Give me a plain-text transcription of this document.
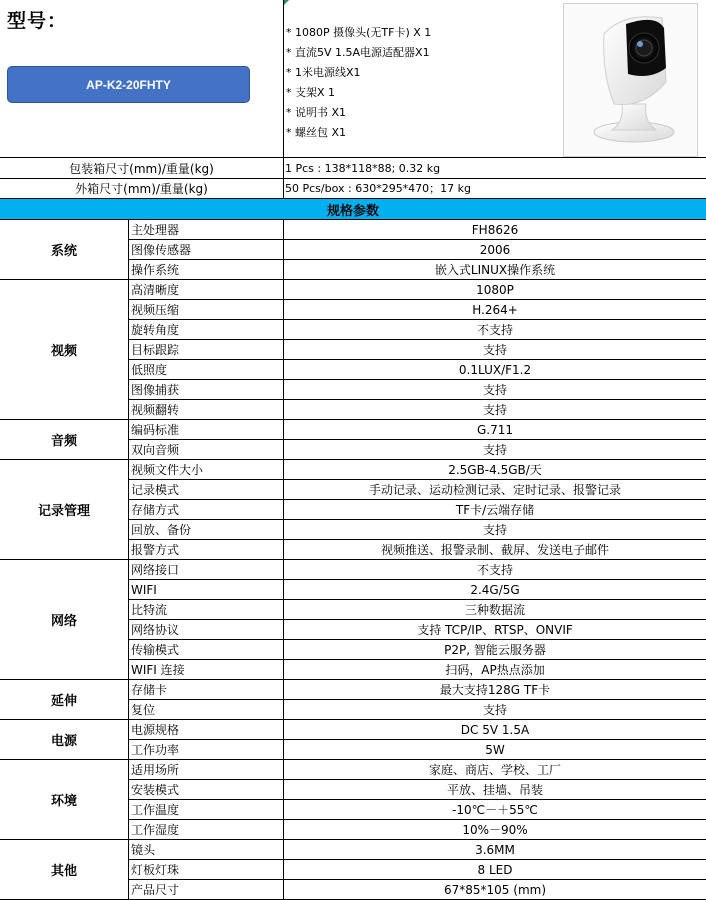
型号：
AP-K2-20FHTY
* 1080P 摄像头(无TF卡) X 1
* 直流5V 1.5A电源适配器X1
* 1米电源线X1
* 支架X 1
* 说明书 X1
* 螺丝包 X1
包装箱尺寸(mm)/重量(kg)	1 Pcs : 138*118*88; 0.32 kg
外箱尺寸(mm)/重量(kg)	50 Pcs/box : 630*295*470；17 kg
规格参数
系统
主处理器	FH8626
图像传感器	2006
操作系统	嵌入式LINUX操作系统
视频
高清晰度	1080P
视频压缩	H.264+
旋转角度	不支持
目标跟踪	支持
低照度	0.1LUX/F1.2
图像捕获	支持
视频翻转	支持
音频
编码标准	G.711
双向音频	支持
记录管理
视频文件大小	2.5GB-4.5GB/天
记录模式	手动记录、运动检测记录、定时记录、报警记录
存储方式	TF卡/云端存储
回放、备份	支持
报警方式	视频推送、报警录制、截屏、发送电子邮件
网络
网络接口	不支持
WIFI	2.4G/5G
比特流	三种数据流
网络协议	支持 TCP/IP、RTSP、ONVIF
传输模式	P2P, 智能云服务器
WIFI 连接	扫码，AP热点添加
延伸
存储卡	最大支持128G TF卡
复位	支持
电源
电源规格	DC 5V 1.5A
工作功率	5W
环境
适用场所	家庭、商店、学校、工厂
安装模式	平放、挂墙、吊装
工作温度	-10℃－＋55℃
工作湿度	10%－90%
其他
镜头	3.6MM
灯板灯珠	8 LED
产品尺寸	67*85*105 (mm)
